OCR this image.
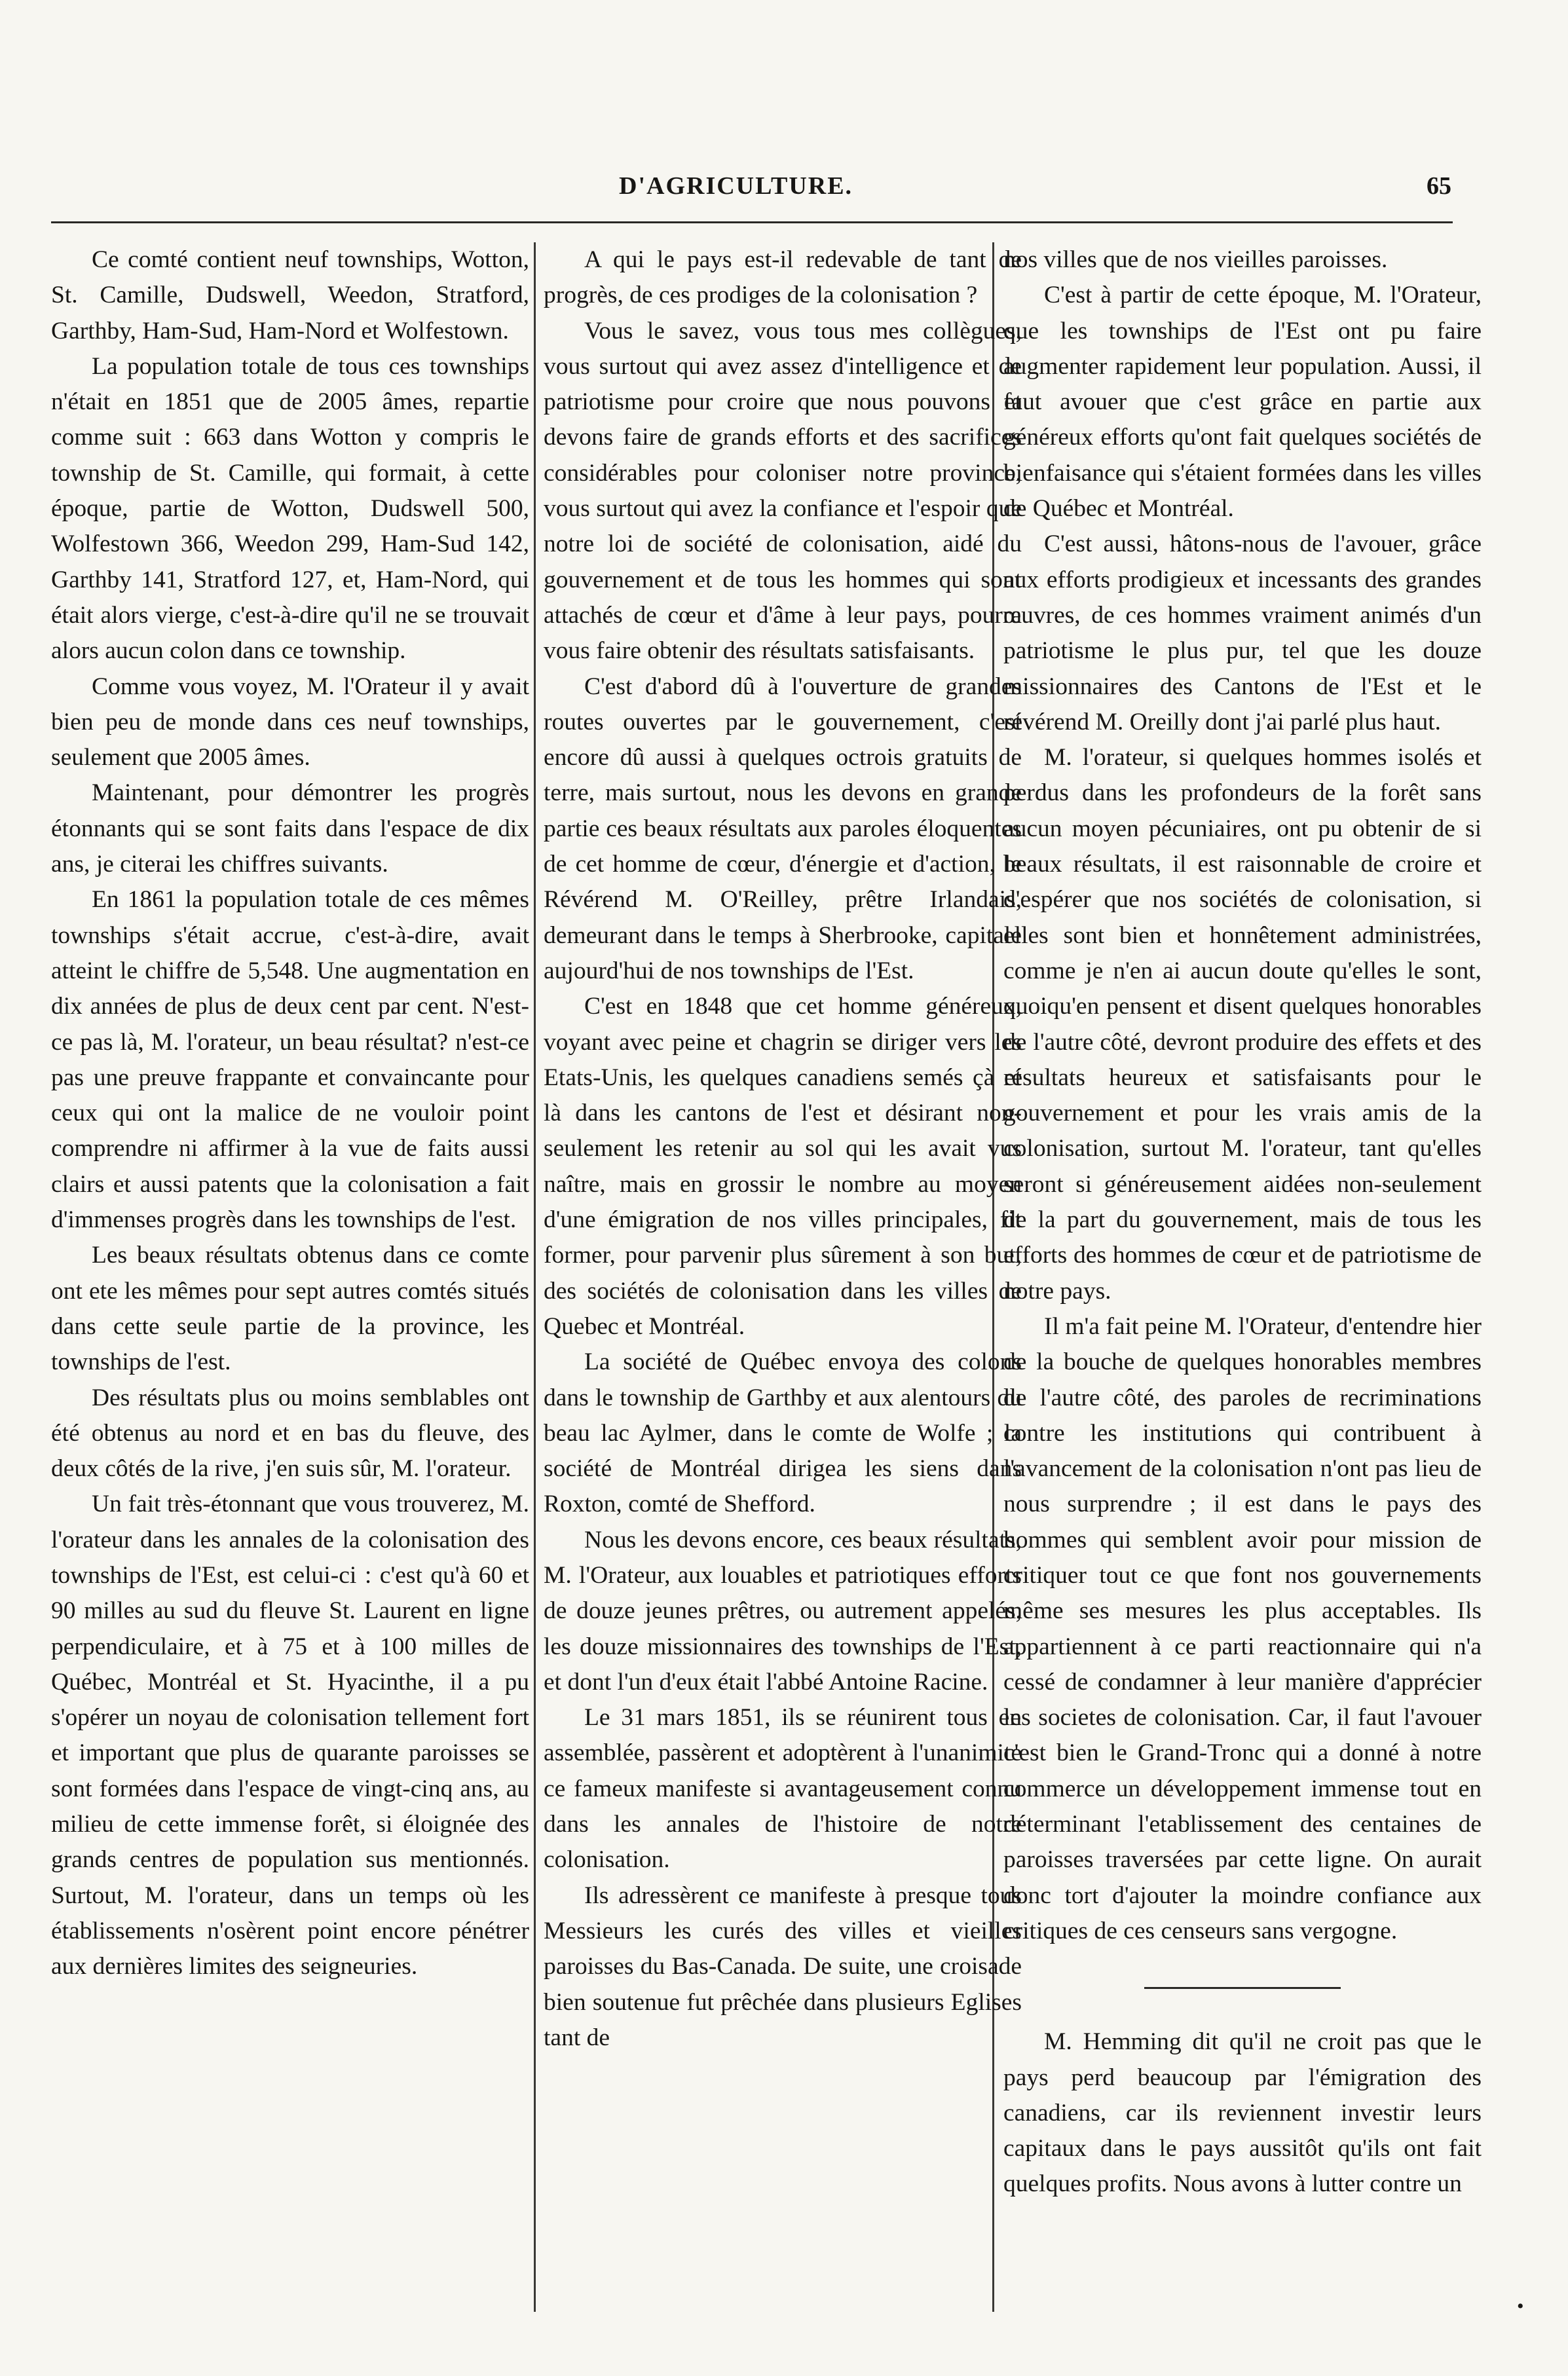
D'AGRICULTURE.	65

Ce comté contient neuf townships, Wotton, St. Camille, Dudswell, Weedon, Stratford, Garthby, Ham-Sud, Ham-Nord et Wolfestown.

La population totale de tous ces townships n'était en 1851 que de 2005 âmes, repartie comme suit : 663 dans Wotton y compris le township de St. Camille, qui formait, à cette époque, partie de Wotton, Dudswell 500, Wolfestown 366, Weedon 299, Ham-Sud 142, Garthby 141, Stratford 127, et, Ham-Nord, qui était alors vierge, c'est-à-dire qu'il ne se trouvait alors aucun colon dans ce township.

Comme vous voyez, M. l'Orateur il y avait bien peu de monde dans ces neuf townships, seulement que 2005 âmes.

Maintenant, pour démontrer les progrès étonnants qui se sont faits dans l'espace de dix ans, je citerai les chiffres suivants.

En 1861 la population totale de ces mêmes townships s'était accrue, c'est-à-dire, avait atteint le chiffre de 5,548. Une augmentation en dix années de plus de deux cent par cent. N'est-ce pas là, M. l'orateur, un beau résultat? n'est-ce pas une preuve frappante et convaincante pour ceux qui ont la malice de ne vouloir point comprendre ni affirmer à la vue de faits aussi clairs et aussi patents que la colonisation a fait d'immenses progrès dans les townships de l'est.

Les beaux résultats obtenus dans ce comte ont ete les mêmes pour sept autres comtés situés dans cette seule partie de la province, les townships de l'est.

Des résultats plus ou moins semblables ont été obtenus au nord et en bas du fleuve, des deux côtés de la rive, j'en suis sûr, M. l'orateur.

Un fait très-étonnant que vous trouverez, M. l'orateur dans les annales de la colonisation des townships de l'Est, est celui-ci : c'est qu'à 60 et 90 milles au sud du fleuve St. Laurent en ligne perpendiculaire, et à 75 et à 100 milles de Québec, Montréal et St. Hyacinthe, il a pu s'opérer un noyau de colonisation tellement fort et important que plus de quarante paroisses se sont formées dans l'espace de vingt-cinq ans, au milieu de cette immense forêt, si éloignée des grands centres de population sus mentionnés. Surtout, M. l'orateur, dans un temps où les établissements n'osèrent point encore pénétrer aux dernières limites des seigneuries.

A qui le pays est-il redevable de tant de progrès, de ces prodiges de la colonisation ?

Vous le savez, vous tous mes collègues, vous surtout qui avez assez d'intelligence et de patriotisme pour croire que nous pouvons et devons faire de grands efforts et des sacrifices considérables pour coloniser notre province, vous surtout qui avez la confiance et l'espoir que notre loi de société de colonisation, aidé du gouvernement et de tous les hommes qui sont attachés de cœur et d'âme à leur pays, pourra vous faire obtenir des résultats satisfaisants.

C'est d'abord dû à l'ouverture de grandes routes ouvertes par le gouvernement, c'est encore dû aussi à quelques octrois gratuits de terre, mais surtout, nous les devons en grande partie ces beaux résultats aux paroles éloquentes de cet homme de cœur, d'énergie et d'action, le Révérend M. O'Reilley, prêtre Irlandais, demeurant dans le temps à Sherbrooke, capitale aujourd'hui de nos townships de l'Est.

C'est en 1848 que cet homme généreux, voyant avec peine et chagrin se diriger vers les Etats-Unis, les quelques canadiens semés çà et là dans les cantons de l'est et désirant non-seulement les retenir au sol qui les avait vus naître, mais en grossir le nombre au moyen d'une émigration de nos villes principales, fit former, pour parvenir plus sûrement à son but, des sociétés de colonisation dans les villes de Quebec et Montréal.

La société de Québec envoya des colons dans le township de Garthby et aux alentours du beau lac Aylmer, dans le comte de Wolfe ; la société de Montréal dirigea les siens dans Roxton, comté de Shefford.

Nous les devons encore, ces beaux résultats, M. l'Orateur, aux louables et patriotiques efforts de douze jeunes prêtres, ou autrement appelés, les douze missionnaires des townships de l'Est, et dont l'un d'eux était l'abbé Antoine Racine.

Le 31 mars 1851, ils se réunirent tous en assemblée, passèrent et adoptèrent à l'unanimite ce fameux manifeste si avantageusement connu dans les annales de l'histoire de notre colonisation.

Ils adressèrent ce manifeste à presque tous Messieurs les curés des villes et vieilles paroisses du Bas-Canada. De suite, une croisade bien soutenue fut prêchée dans plusieurs Eglises tant de

nos villes que de nos vieilles paroisses.

C'est à partir de cette époque, M. l'Orateur, que les townships de l'Est ont pu faire augmenter rapidement leur population. Aussi, il faut avouer que c'est grâce en partie aux généreux efforts qu'ont fait quelques sociétés de bienfaisance qui s'étaient formées dans les villes de Québec et Montréal.

C'est aussi, hâtons-nous de l'avouer, grâce aux efforts prodigieux et incessants des grandes œuvres, de ces hommes vraiment animés d'un patriotisme le plus pur, tel que les douze missionnaires des Cantons de l'Est et le révérend M. Oreilly dont j'ai parlé plus haut.

M. l'orateur, si quelques hommes isolés et perdus dans les profondeurs de la forêt sans aucun moyen pécuniaires, ont pu obtenir de si beaux résultats, il est raisonnable de croire et d'espérer que nos sociétés de colonisation, si elles sont bien et honnêtement administrées, comme je n'en ai aucun doute qu'elles le sont, quoiqu'en pensent et disent quelques honorables de l'autre côté, devront produire des effets et des résultats heureux et satisfaisants pour le gouvernement et pour les vrais amis de la colonisation, surtout M. l'orateur, tant qu'elles seront si généreusement aidées non-seulement de la part du gouvernement, mais de tous les efforts des hommes de cœur et de patriotisme de notre pays.

Il m'a fait peine M. l'Orateur, d'entendre hier de la bouche de quelques honorables membres de l'autre côté, des paroles de recriminations contre les institutions qui contribuent à l'avancement de la colonisation n'ont pas lieu de nous surprendre ; il est dans le pays des hommes qui semblent avoir pour mission de critiquer tout ce que font nos gouvernements même ses mesures les plus acceptables. Ils appartiennent à ce parti reactionnaire qui n'a cessé de condamner à leur manière d'apprécier les societes de colonisation. Car, il faut l'avouer c'est bien le Grand-Tronc qui a donné à notre commerce un développement immense tout en déterminant l'etablissement des centaines de paroisses traversées par cette ligne. On aurait donc tort d'ajouter la moindre confiance aux critiques de ces censeurs sans vergogne.

M. Hemming dit qu'il ne croit pas que le pays perd beaucoup par l'émigration des canadiens, car ils reviennent investir leurs capitaux dans le pays aussitôt qu'ils ont fait quelques profits. Nous avons à lutter contre un

•
